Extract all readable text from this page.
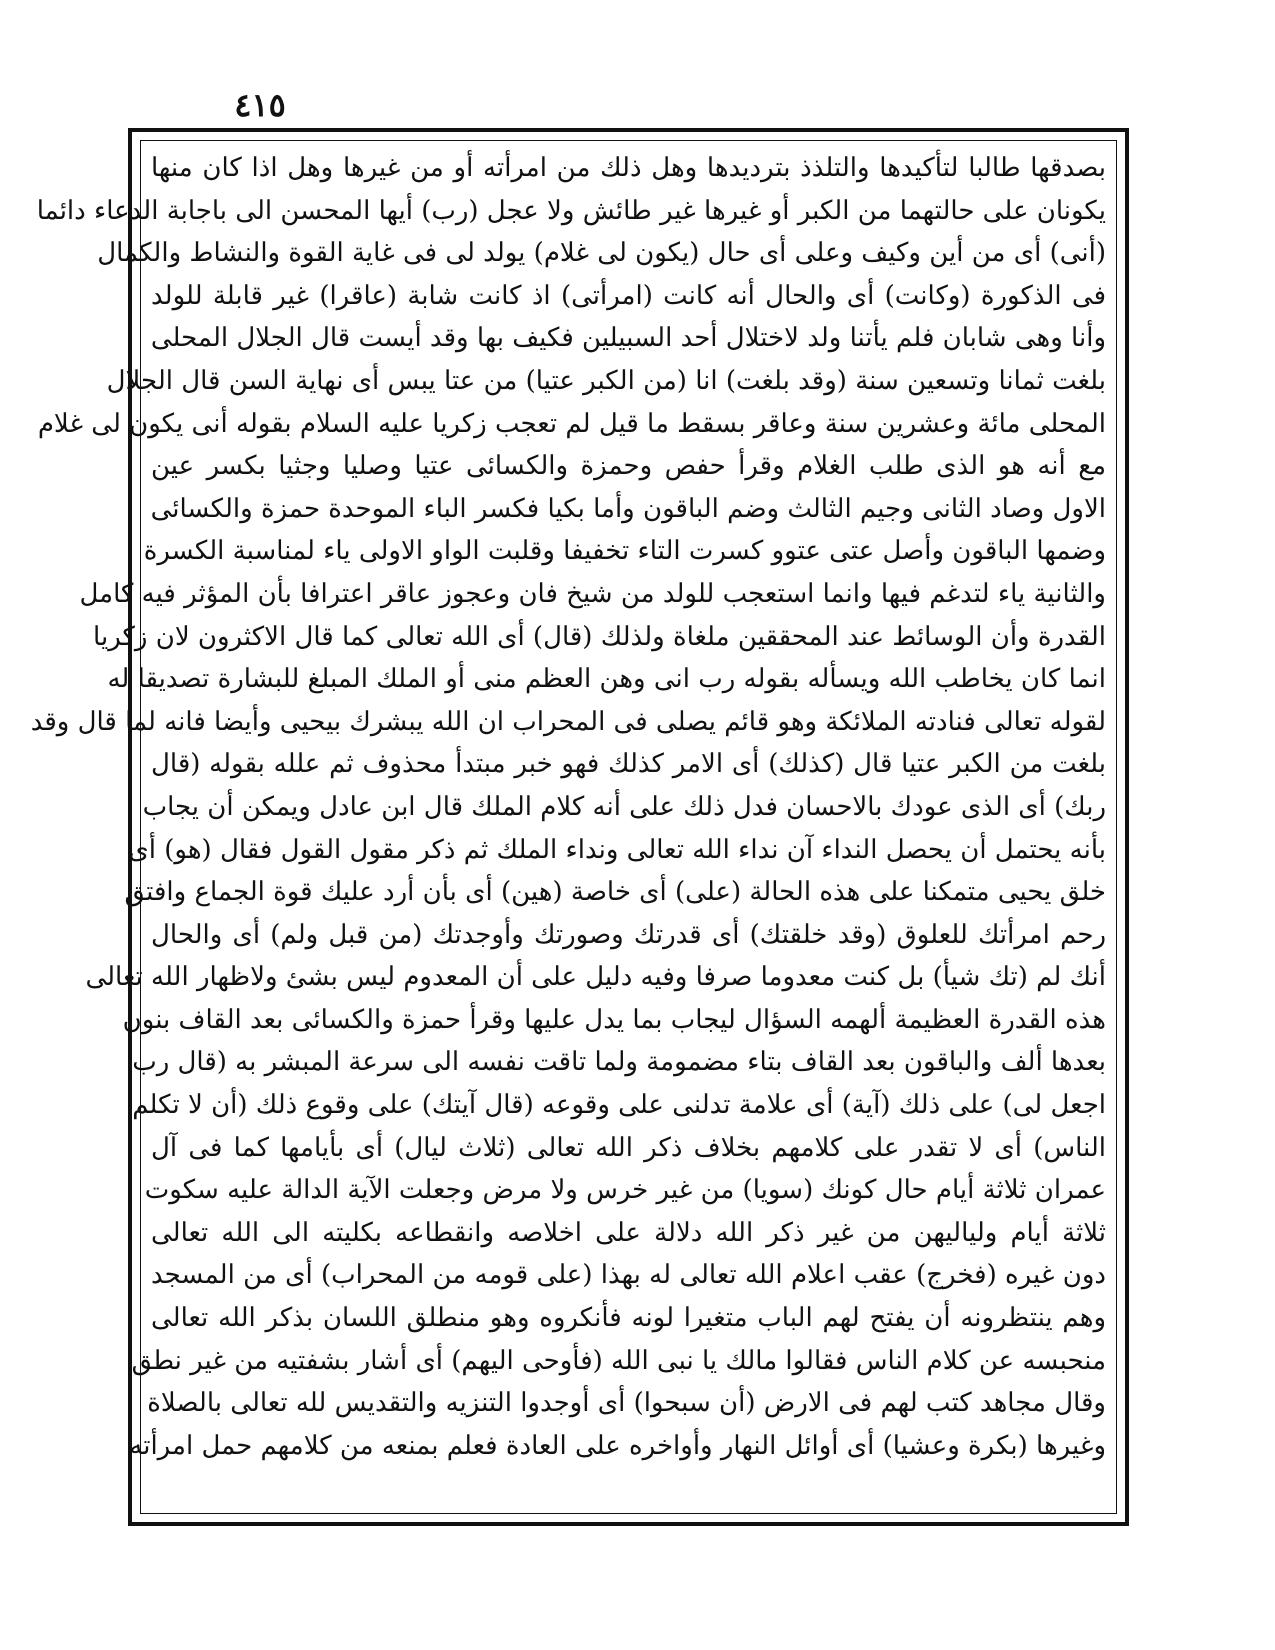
٤١٥
بصدقها طالبا لتأكيدها والتلذذ بترديدها وهل ذلك من امرأته أو من غيرها وهل اذا كان منها
يكونان على حالتهما من الكبر أو غيرها غير طائش ولا عجل (رب) أيها المحسن الى باجابة الدعاء دائما
(أنى) أى من أين وكيف وعلى أى حال (يكون لى غلام) يولد لى فى غاية القوة والنشاط والكمال
فى الذكورة (وكانت) أى والحال أنه كانت (امرأتى) اذ كانت شابة (عاقرا) غير قابلة للولد
وأنا وهى شابان فلم يأتنا ولد لاختلال أحد السبيلين فكيف بها وقد أيست قال الجلال المحلى
بلغت ثمانا وتسعين سنة (وقد بلغت) انا (من الكبر عتيا) من عتا يبس أى نهاية السن قال الجلال
المحلى مائة وعشرين سنة وعاقر بسقط ما قيل لم تعجب زكريا عليه السلام بقوله أنى يكون لى غلام
مع أنه هو الذى طلب الغلام وقرأ حفص وحمزة والكسائى عتيا وصليا وجثيا بكسر عين
الاول وصاد الثانى وجيم الثالث وضم الباقون وأما بكيا فكسر الباء الموحدة حمزة والكسائى
وضمها الباقون وأصل عتى عتوو كسرت التاء تخفيفا وقلبت الواو الاولى ياء لمناسبة الكسرة
والثانية ياء لتدغم فيها وانما استعجب للولد من شيخ فان وعجوز عاقر اعترافا بأن المؤثر فيه كامل
القدرة وأن الوسائط عند المحققين ملغاة ولذلك (قال) أى الله تعالى كما قال الاكثرون لان زكريا
انما كان يخاطب الله ويسأله بقوله رب انى وهن العظم منى أو الملك المبلغ للبشارة تصديقا له
لقوله تعالى فنادته الملائكة وهو قائم يصلى فى المحراب ان الله يبشرك بيحيى وأيضا فانه لما قال وقد
بلغت من الكبر عتيا قال (كذلك) أى الامر كذلك فهو خبر مبتدأ محذوف ثم علله بقوله (قال
ربك) أى الذى عودك بالاحسان فدل ذلك على أنه كلام الملك قال ابن عادل ويمكن أن يجاب
بأنه يحتمل أن يحصل النداء آن نداء الله تعالى ونداء الملك ثم ذكر مقول القول فقال (هو) أى
خلق يحيى متمكنا على هذه الحالة (على) أى خاصة (هين) أى بأن أرد عليك قوة الجماع وافتق
رحم امرأتك للعلوق (وقد خلقتك) أى قدرتك وصورتك وأوجدتك (من قبل ولم) أى والحال
أنك لم (تك شيأ) بل كنت معدوما صرفا وفيه دليل على أن المعدوم ليس بشئ ولاظهار الله تعالى
هذه القدرة العظيمة ألهمه السؤال ليجاب بما يدل عليها وقرأ حمزة والكسائى بعد القاف بنون
بعدها ألف والباقون بعد القاف بتاء مضمومة ولما تاقت نفسه الى سرعة المبشر به (قال رب
اجعل لى) على ذلك (آية) أى علامة تدلنى على وقوعه (قال آيتك) على وقوع ذلك (أن لا تكلم
الناس) أى لا تقدر على كلامهم بخلاف ذكر الله تعالى (ثلاث ليال) أى بأيامها كما فى آل
عمران ثلاثة أيام حال كونك (سويا) من غير خرس ولا مرض وجعلت الآية الدالة عليه سكوت
ثلاثة أيام ولياليهن من غير ذكر الله دلالة على اخلاصه وانقطاعه بكليته الى الله تعالى
دون غيره (فخرج) عقب اعلام الله تعالى له بهذا (على قومه من المحراب) أى من المسجد
وهم ينتظرونه أن يفتح لهم الباب متغيرا لونه فأنكروه وهو منطلق اللسان بذكر الله تعالى
منحبسه عن كلام الناس فقالوا مالك يا نبى الله (فأوحى اليهم) أى أشار بشفتيه من غير نطق
وقال مجاهد كتب لهم فى الارض (أن سبحوا) أى أوجدوا التنزيه والتقديس لله تعالى بالصلاة
وغيرها (بكرة وعشيا) أى أوائل النهار وأواخره على العادة فعلم بمنعه من كلامهم حمل امرأته
